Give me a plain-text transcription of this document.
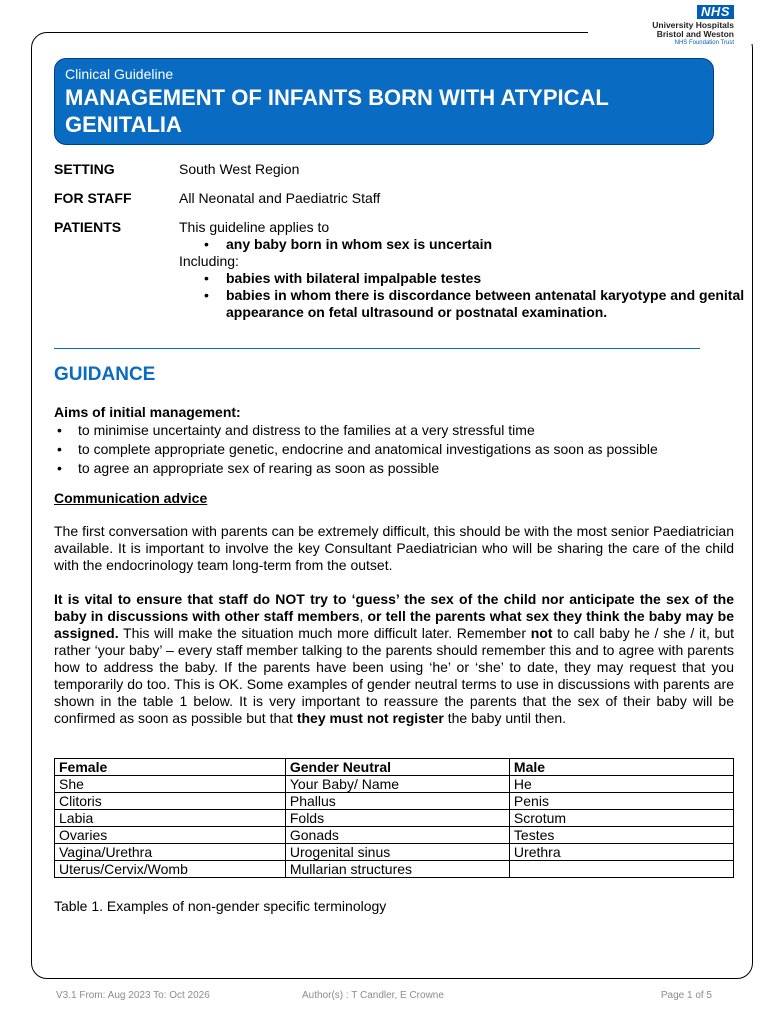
NHS
University Hospitals
Bristol and Weston
NHS Foundation Trust
Clinical Guideline
MANAGEMENT OF INFANTS BORN WITH ATYPICAL GENITALIA
SETTING	South West Region
FOR STAFF	All Neonatal and Paediatric Staff
PATIENTS	This guideline applies to

• any baby born in whom sex is uncertain

Including:

• babies with bilateral impalpable testes
• babies in whom there is discordance between antenatal karyotype and genital appearance on fetal ultrasound or postnatal examination.
GUIDANCE

Aims of initial management:

• to minimise uncertainty and distress to the families at a very stressful time
• to complete appropriate genetic, endocrine and anatomical investigations as soon as possible
• to agree an appropriate sex of rearing as soon as possible

Communication advice

The first conversation with parents can be extremely difficult, this should be with the most senior Paediatrician available. It is important to involve the key Consultant Paediatrician who will be sharing the care of the child with the endocrinology team long-term from the outset.

It is vital to ensure that staff do NOT try to ‘guess’ the sex of the child nor anticipate the sex of the baby in discussions with other staff members, or tell the parents what sex they think the baby may be assigned. This will make the situation much more difficult later. Remember not to call baby he / she / it, but rather ‘your baby’ – every staff member talking to the parents should remember this and to agree with parents how to address the baby. If the parents have been using ‘he’ or ‘she’ to date, they may request that you temporarily do too. This is OK. Some examples of gender neutral terms to use in discussions with parents are shown in the table 1 below. It is very important to reassure the parents that the sex of their baby will be confirmed as soon as possible but that they must not register the baby until then.

Female	Gender Neutral	Male
She	Your Baby/ Name	He
Clitoris	Phallus	Penis
Labia	Folds	Scrotum
Ovaries	Gonads	Testes
Vagina/Urethra	Urogenital sinus	Urethra
Uterus/Cervix/Womb	Mullarian structures	
Table 1. Examples of non-gender specific terminology
V3.1 From: Aug 2023 To: Oct 2026	Author(s) : T Candler, E Crowne	Page 1 of 5
